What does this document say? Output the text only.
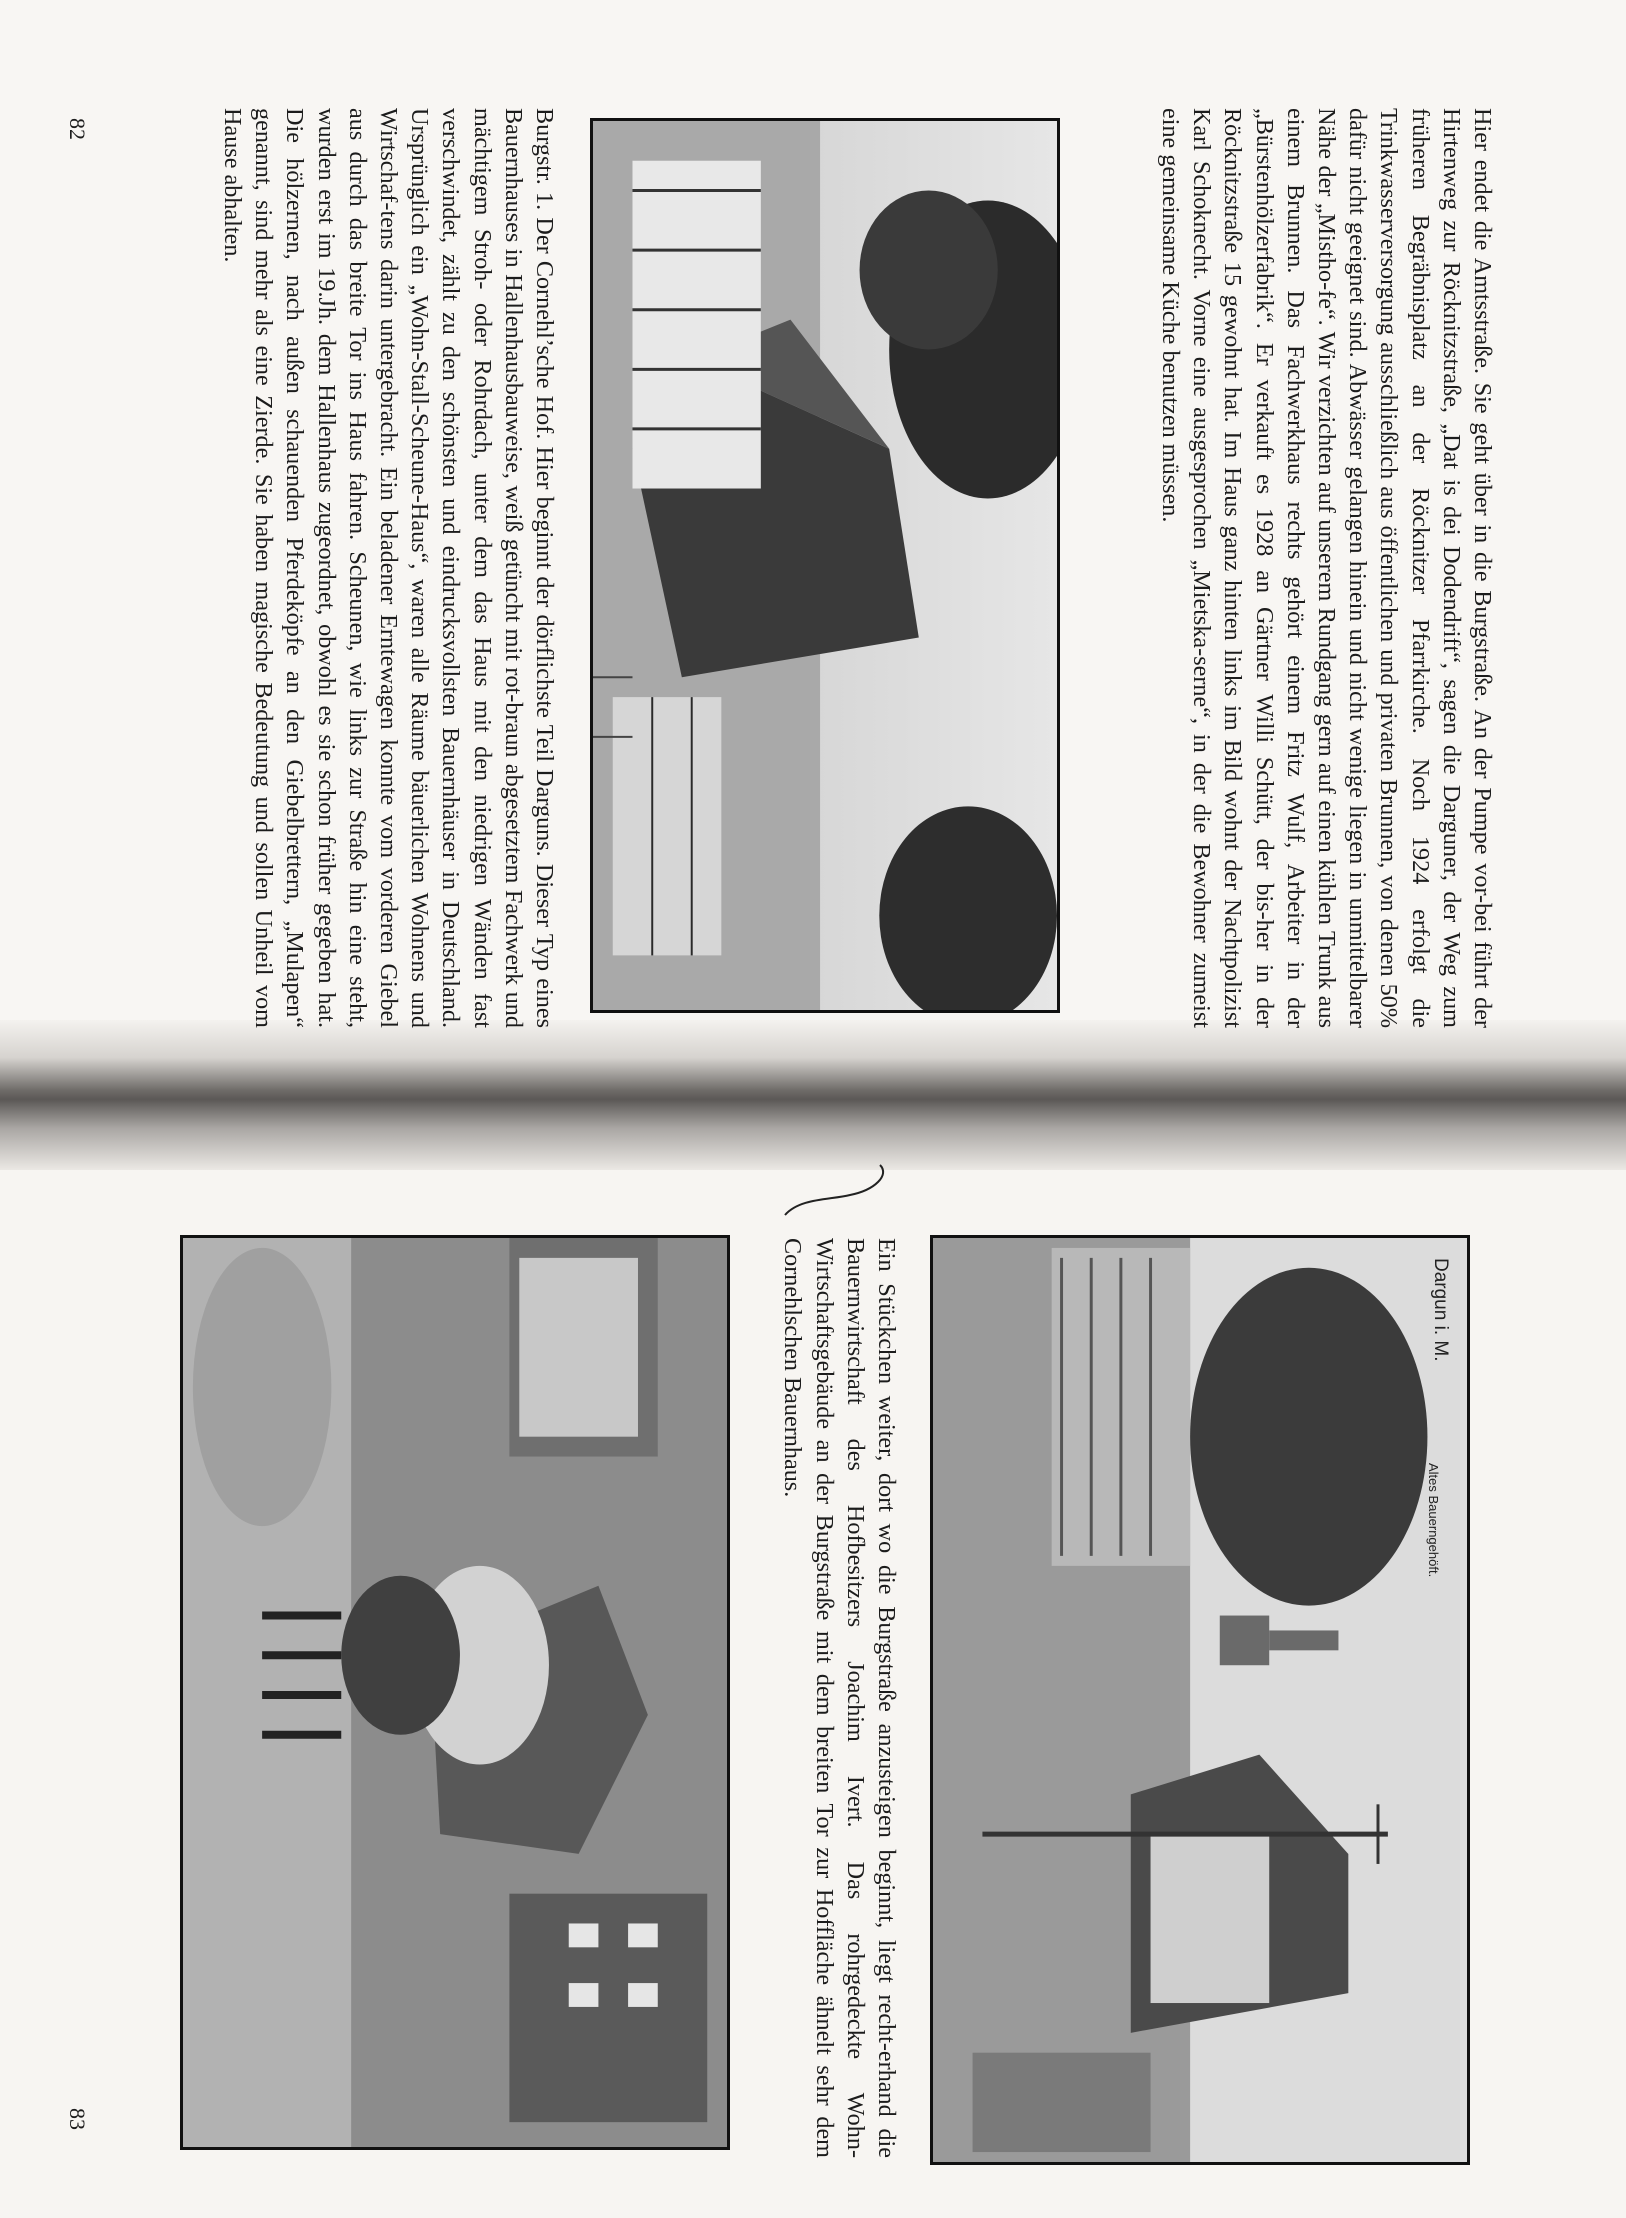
Hier endet die Amtsstraße. Sie geht über in die Burgstraße. An der Pumpe vor-bei führt der Hirtenweg zur Röcknitzstraße, „Dat is dei Dodendrift“, sagen die Darguner, der Weg zum früheren Begräbnisplatz an der Röcknitzer Pfarrkirche. Noch 1924 erfolgt die Trinkwasserversorgung ausschließlich aus öffentlichen und privaten Brunnen, von denen 50% dafür nicht geeignet sind. Abwässer gelangen hinein und nicht wenige liegen in unmittelbarer Nähe der „Mistho-fe“. Wir verzichten auf unserem Rundgang gern auf einen kühlen Trunk aus einem Brunnen. Das Fachwerkhaus rechts gehört einem Fritz Wulf, Arbeiter in der „Bürstenhölzerfabrik“. Er verkauft es 1928 an Gärtner Willi Schütt, der bis-her in der Röcknitzstraße 15 gewohnt hat. Im Haus ganz hinten links im Bild wohnt der Nachtpolizist Karl Schoknecht. Vorne eine ausgesprochen „Mietska-serne“, in der die Bewohner zumeist eine gemeinsame Küche benutzen müssen.

Burgstr. 1. Der Cornehl’sche Hof. Hier beginnt der dörflichste Teil Darguns. Dieser Typ eines Bauernhauses in Hallenhausbauweise, weiß getüncht mit rot-braun abgesetztem Fachwerk und mächtigem Stroh- oder Rohrdach, unter dem das Haus mit den niedrigen Wänden fast verschwindet, zählt zu den schönsten und eindrucksvollsten Bauernhäuser in Deutschland. Ursprünglich ein „Wohn-Stall-Scheune-Haus“, waren alle Räume bäuerlichen Wohnens und Wirtschaf-tens darin untergebracht. Ein beladener Erntewagen konnte vom vorderen Giebel aus durch das breite Tor ins Haus fahren. Scheunen, wie links zur Straße hin eine steht, wurden erst im 19.Jh. dem Hallenhaus zugeordnet, obwohl es sie schon früher gegeben hat. Die hölzernen, nach außen schauenden Pferdeköpfe an den Giebelbrettern, „Mulapen“ genannt, sind mehr als eine Zierde. Sie haben magische Bedeutung und sollen Unheil vom Hause abhalten.

82
Dargun i. M.
Altes Bauerngehöft.

Ein Stückchen weiter, dort wo die Burgstraße anzusteigen beginnt, liegt recht-erhand die Bauernwirtschaft des Hofbesitzers Joachim Ivert. Das rohrgedeckte Wohn- Wirtschaftsgebäude an der Burgstraße mit dem breiten Tor zur Hoffläche ähnelt sehr dem Cornehlschen Bauernhaus.

83
